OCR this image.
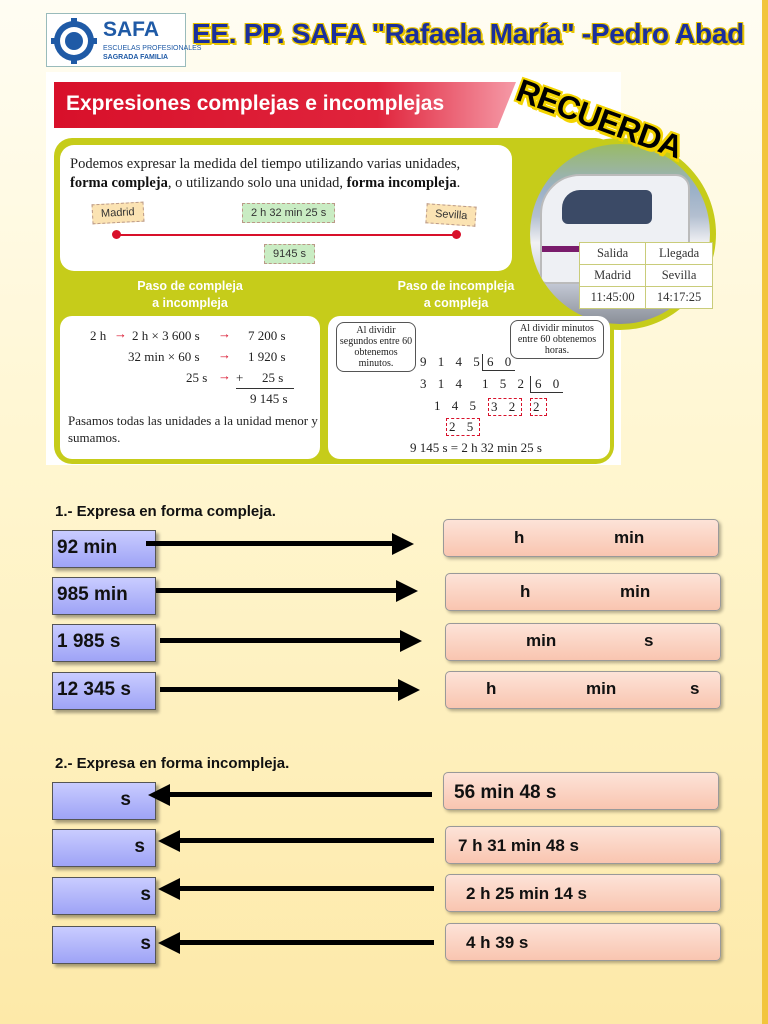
SAFA
ESCUELAS PROFESIONALES
SAGRADA FAMILIA
EE. PP. SAFA "Rafaela María" -Pedro Abad
Expresiones complejas e incomplejas
Podemos expresar la medida del tiempo utilizando varias unidades,
forma compleja, o utilizando solo una unidad, forma incompleja.
Madrid	2 h 32 min 25 s	Sevilla
9145 s	Salida	Llegada
Madrid	Sevilla
11:45:00	14:17:25
Paso de compleja
a incompleja
Paso de incompleja
a compleja
2 h → 2 h × 3 600 s → 7 200 s
32 min × 60 s → 1 920 s
25 s → + 25 s
9 145 s
Pasamos todas las unidades a la unidad menor y sumamos.
Al dividir segundos entre 60 obtenemos minutos.
Al dividir minutos entre 60 obtenemos horas.
9 1 4 5 6 0
3 1 4 1 5 2 6 0
1 4 5 3 2 2
2 5
9 145 s = 2 h 32 min 25 s
RECUERDA
1.- Expresa en forma compleja.
92 min	h	min
985 min	h	min
1 985 s	min	s
12 345 s	h	min	s
2.- Expresa en forma incompleja.
s	56 min 48 s
s	7 h 31 min 48 s
s	2 h 25 min 14 s
s	4 h 39 s
